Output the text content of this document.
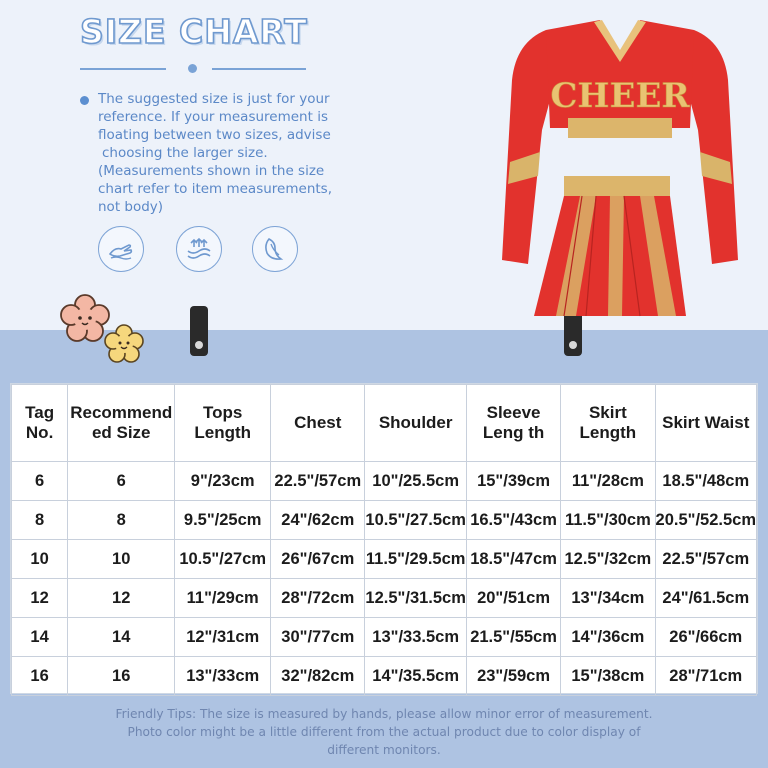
SIZE CHART

The suggested size is just for your

reference. If your measurement is

floating between two sizes, advise

choosing the larger size.

(Measurements shown in the size

chart refer to item measurements,

not body)

CHEER
Tag No.	Recommend ed Size	Tops Length	Chest	Shoulder	Sleeve Leng th	Skirt Length	Skirt Waist
6	6	9"/23cm	22.5"/57cm	10"/25.5cm	15"/39cm	11"/28cm	18.5"/48cm
8	8	9.5"/25cm	24"/62cm	10.5"/27.5cm	16.5"/43cm	11.5"/30cm	20.5"/52.5cm
10	10	10.5"/27cm	26"/67cm	11.5"/29.5cm	18.5"/47cm	12.5"/32cm	22.5"/57cm
12	12	11"/29cm	28"/72cm	12.5"/31.5cm	20"/51cm	13"/34cm	24"/61.5cm
14	14	12"/31cm	30"/77cm	13"/33.5cm	21.5"/55cm	14"/36cm	26"/66cm
16	16	13"/33cm	32"/82cm	14"/35.5cm	23"/59cm	15"/38cm	28"/71cm

Friendly Tips: The size is measured by hands, please allow minor error of measurement.

Photo color might be a little different from the actual product due to color display of

different monitors.
